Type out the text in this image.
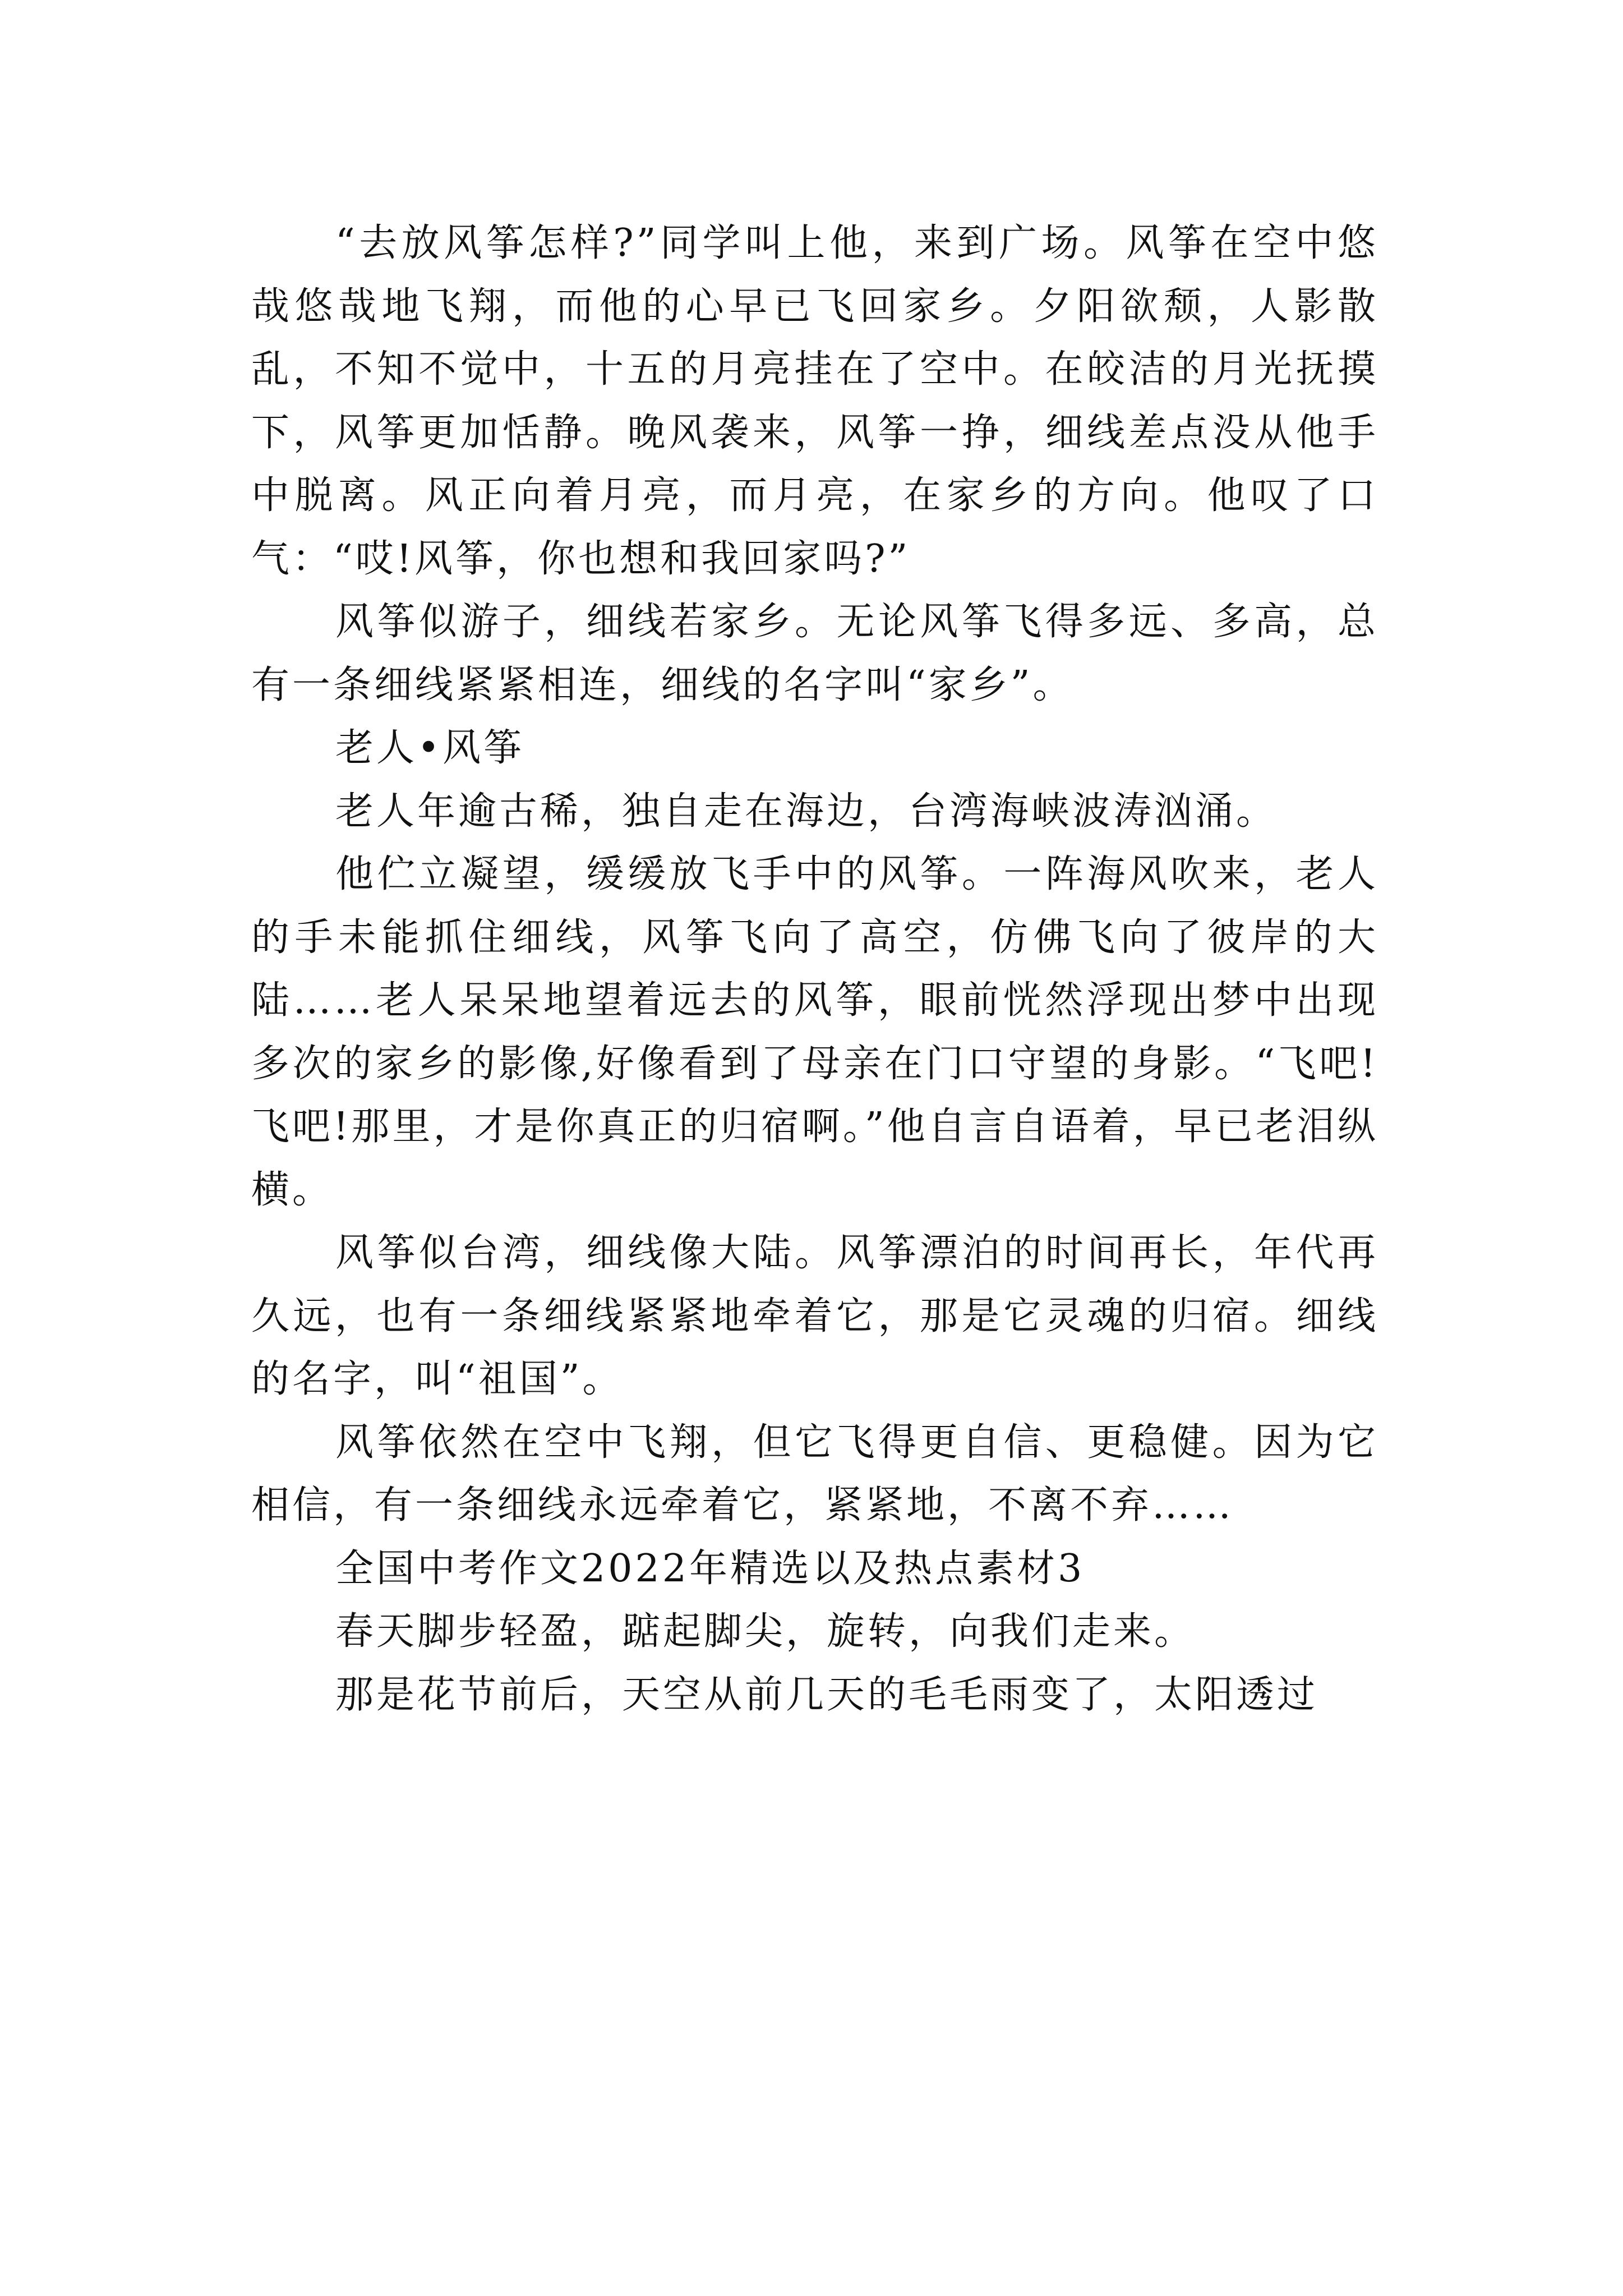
“去放风筝怎样?”同学叫上他，来到广场。风筝在空中悠哉悠哉地飞翔，而他的心早已飞回家乡。夕阳欲颓，人影散乱，不知不觉中，十五的月亮挂在了空中。在皎洁的月光抚摸下，风筝更加恬静。晚风袭来，风筝一挣，细线差点没从他手中脱离。风正向着月亮，而月亮，在家乡的方向。他叹了口气：“哎!风筝，你也想和我回家吗?”

风筝似游子，细线若家乡。无论风筝飞得多远、多高，总有一条细线紧紧相连，细线的名字叫“家乡”。

老人•风筝

老人年逾古稀，独自走在海边，台湾海峡波涛汹涌。

他伫立凝望，缓缓放飞手中的风筝。一阵海风吹来，老人的手未能抓住细线，风筝飞向了高空，仿佛飞向了彼岸的大陆……老人呆呆地望着远去的风筝，眼前恍然浮现出梦中出现多次的家乡的影像,好像看到了母亲在门口守望的身影。“飞吧!飞吧!那里，才是你真正的归宿啊。”他自言自语着，早已老泪纵横。

风筝似台湾，细线像大陆。风筝漂泊的时间再长，年代再久远，也有一条细线紧紧地牵着它，那是它灵魂的归宿。细线的名字，叫“祖国”。

风筝依然在空中飞翔，但它飞得更自信、更稳健。因为它相信，有一条细线永远牵着它，紧紧地，不离不弃……

全国中考作文2022年精选以及热点素材3

春天脚步轻盈，踮起脚尖，旋转，向我们走来。

那是花节前后，天空从前几天的毛毛雨变了，太阳透过
